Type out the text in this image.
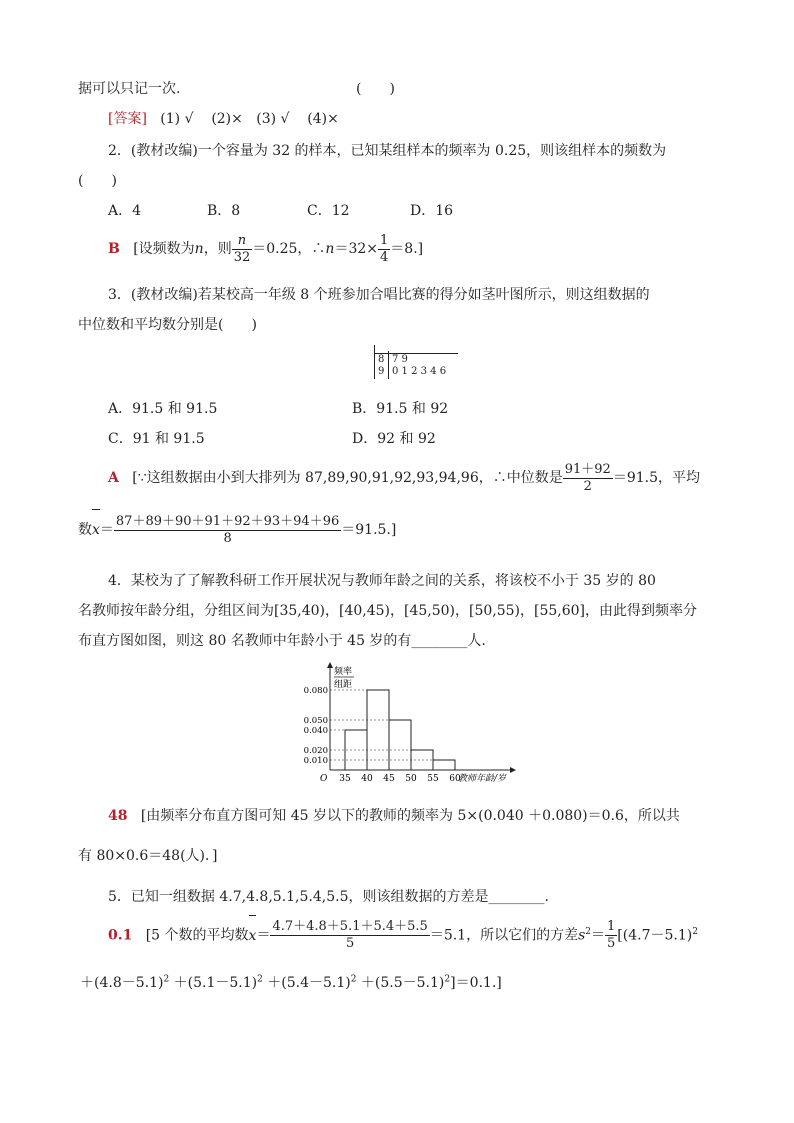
据可以只记一次.	(　　)
[答案] (1) √ (2)× (3) √ (4)×
2．(教材改编)一个容量为 32 的样本，已知某组样本的频率为 0.25，则该组样本的频数为
(　　)
A．4	B．8	C．12	D．16
B [设频数为n，则 $\frac{n}{32} =0.25$，∴n＝32× $\frac{1}{4} =8$.]
3．(教材改编)若某校高一年级 8 个班参加合唱比赛的得分如茎叶图所示，则这组数据的
中位数和平均数分别是(　　)
8 7 9
9 0 1 2 3 4 6
A．91.5 和 91.5	B．91.5 和 92
C．91 和 91.5	D．92 和 92
A [∵这组数据由小到大排列为 87,89,90,91,92,93,94,96，∴中位数是 $\frac{91+92}{2} =91.5$，平均
数$x= \frac{87+89+90+91+92+93+94+96}{8} =91.5$.]
4．某校为了了解教科研工作开展状况与教师年龄之间的关系，将该校不小于 35 岁的 80
名教师按年龄分组，分组区间为[35,40)，[40,45)，[45,50)，[50,55)，[55,60]，由此得到频率分
布直方图如图，则这 80 名教师中年龄小于 45 岁的有________人.
频率
组距
O	教师年龄/岁
0.080
0.050
0.040
0.020
0.010
35 40 45 50 55 60
48 [由频率分布直方图可知 45 岁以下的教师的频率为 5×(0.040 ＋0.080)＝0.6，所以共
有 80×0.6＝48(人)．]
5．已知一组数据 4.7,4.8,5.1,5.4,5.5，则该组数据的方差是________.
0.1 [5 个数的平均数$x= \frac{4.7+4.8+5.1+5.4+5.5}{5} =5.1$，所以它们的方差$s^2= \frac{1}{5} [(4.7-5.1)^2$
$+(4.8-5.1)^2 +(5.1-5.1)^2 +(5.4-5.1)^2 +(5.5-5.1)^2]=0.1$.]
